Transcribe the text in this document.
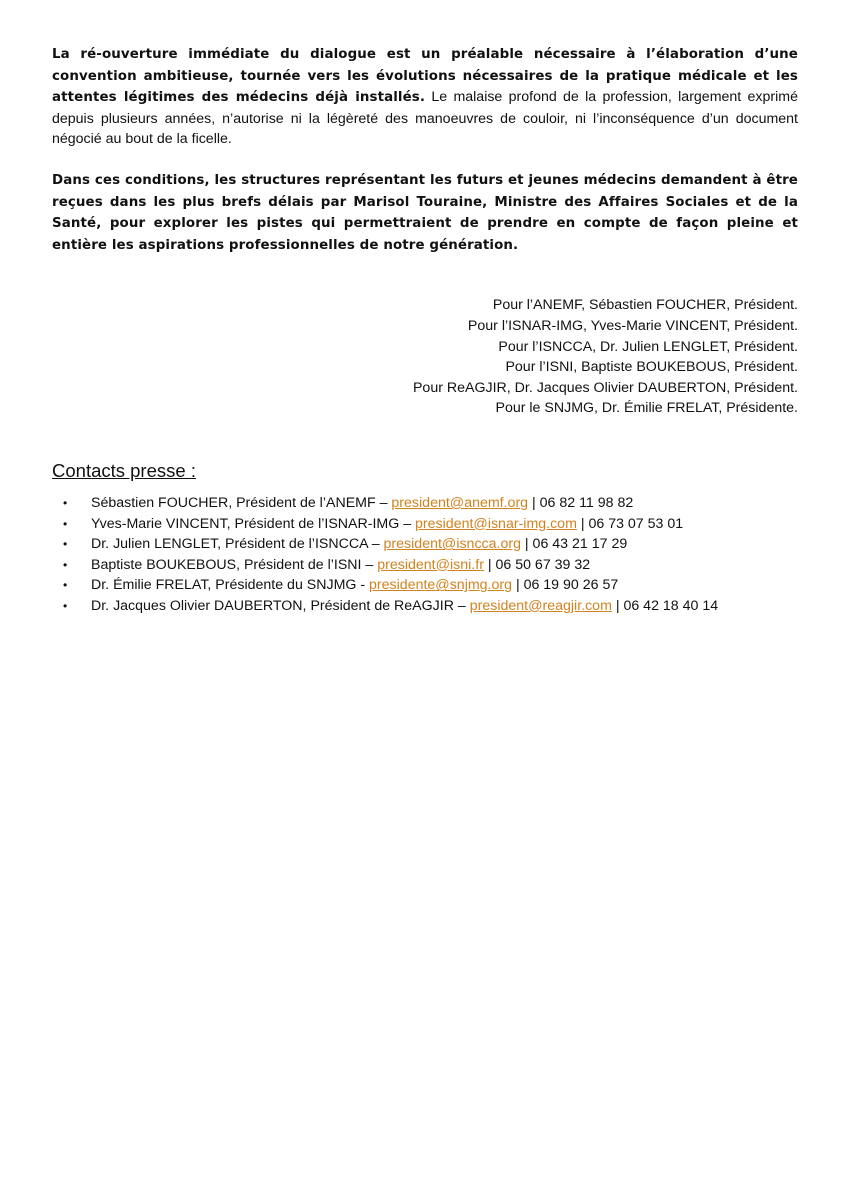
La ré-ouverture immédiate du dialogue est un préalable nécessaire à l’élaboration d’une convention ambitieuse, tournée vers les évolutions nécessaires de la pratique médicale et les attentes légitimes des médecins déjà installés. Le malaise profond de la profession, largement exprimé depuis plusieurs années, n’autorise ni la légèreté des manoeuvres de couloir, ni l’inconséquence d’un document négocié au bout de la ficelle.

Dans ces conditions, les structures représentant les futurs et jeunes médecins demandent à être reçues dans les plus brefs délais par Marisol Touraine, Ministre des Affaires Sociales et de la Santé, pour explorer les pistes qui permettraient de prendre en compte de façon pleine et entière les aspirations professionnelles de notre génération.

Pour l’ANEMF, Sébastien FOUCHER, Président.
Pour l’ISNAR-IMG, Yves-Marie VINCENT, Président.
Pour l’ISNCCA, Dr. Julien LENGLET, Président.
Pour l’ISNI, Baptiste BOUKEBOUS, Président.
Pour ReAGJIR, Dr. Jacques Olivier DAUBERTON, Président.
Pour le SNJMG, Dr. Émilie FRELAT, Présidente.
Contacts presse :
• Sébastien FOUCHER, Président de l’ANEMF – president@anemf.org | 06 82 11 98 82
• Yves-Marie VINCENT, Président de l’ISNAR-IMG – president@isnar-img.com | 06 73 07 53 01
• Dr. Julien LENGLET, Président de l’ISNCCA – president@isncca.org | 06 43 21 17 29
• Baptiste BOUKEBOUS, Président de l’ISNI – president@isni.fr | 06 50 67 39 32
• Dr. Émilie FRELAT, Présidente du SNJMG - presidente@snjmg.org | 06 19 90 26 57
• Dr. Jacques Olivier DAUBERTON, Président de ReAGJIR – president@reagjir.com | 06 42 18 40 14
